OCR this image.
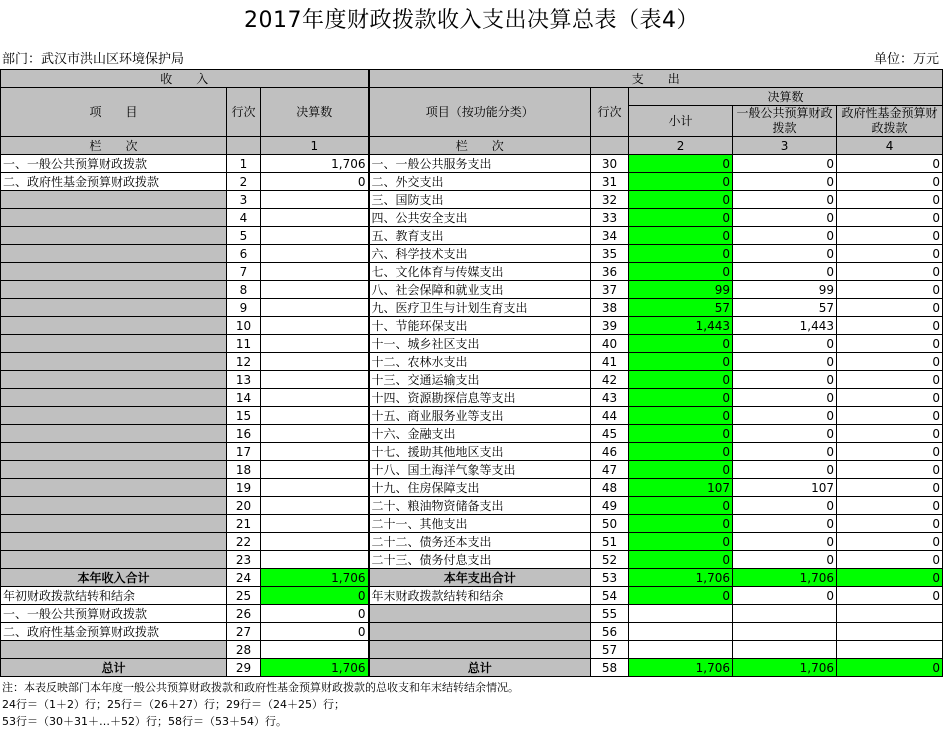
2017年度财政拨款收入支出决算总表（表4）
部门：武汉市洪山区环境保护局	单位：万元
收　　入			支　　出				
项　　目	行次	决算数	项目（按功能分类）	行次	决算数		
					小计	一般公共预算财政拨款	政府性基金预算财政拨款

栏　　次		1	栏　　次		2	3	4
一、一般公共预算财政拨款	1	1,706	一、一般公共服务支出	30	0	0	0
二、政府性基金预算财政拨款	2	0	二、外交支出	31	0	0	0
	3		三、国防支出	32	0	0	0
	4		四、公共安全支出	33	0	0	0
	5		五、教育支出	34	0	0	0
	6		六、科学技术支出	35	0	0	0
	7		七、文化体育与传媒支出	36	0	0	0
	8		八、社会保障和就业支出	37	99	99	0
	9		九、医疗卫生与计划生育支出	38	57	57	0
	10		十、节能环保支出	39	1,443	1,443	0
	11		十一、城乡社区支出	40	0	0	0
	12		十二、农林水支出	41	0	0	0
	13		十三、交通运输支出	42	0	0	0
	14		十四、资源勘探信息等支出	43	0	0	0
	15		十五、商业服务业等支出	44	0	0	0
	16		十六、金融支出	45	0	0	0
	17		十七、援助其他地区支出	46	0	0	0
	18		十八、国土海洋气象等支出	47	0	0	0
	19		十九、住房保障支出	48	107	107	0
	20		二十、粮油物资储备支出	49	0	0	0
	21		二十一、其他支出	50	0	0	0
	22		二十二、债务还本支出	51	0	0	0
	23		二十三、债务付息支出	52	0	0	0
本年收入合计	24	1,706	本年支出合计	53	1,706	1,706	0
年初财政拨款结转和结余	25	0	年末财政拨款结转和结余	54	0	0	0
一、一般公共预算财政拨款	26	0		55			
二、政府性基金预算财政拨款	27	0		56			
	28			57			
总计	29	1,706	总计	58	1,706	1,706	0
注：本表反映部门本年度一般公共预算财政拨款和政府性基金预算财政拨款的总收支和年末结转结余情况。
24行＝（1＋2）行；25行＝（26＋27）行；29行＝（24＋25）行；
53行＝（30＋31＋…＋52）行；58行＝（53＋54）行。
